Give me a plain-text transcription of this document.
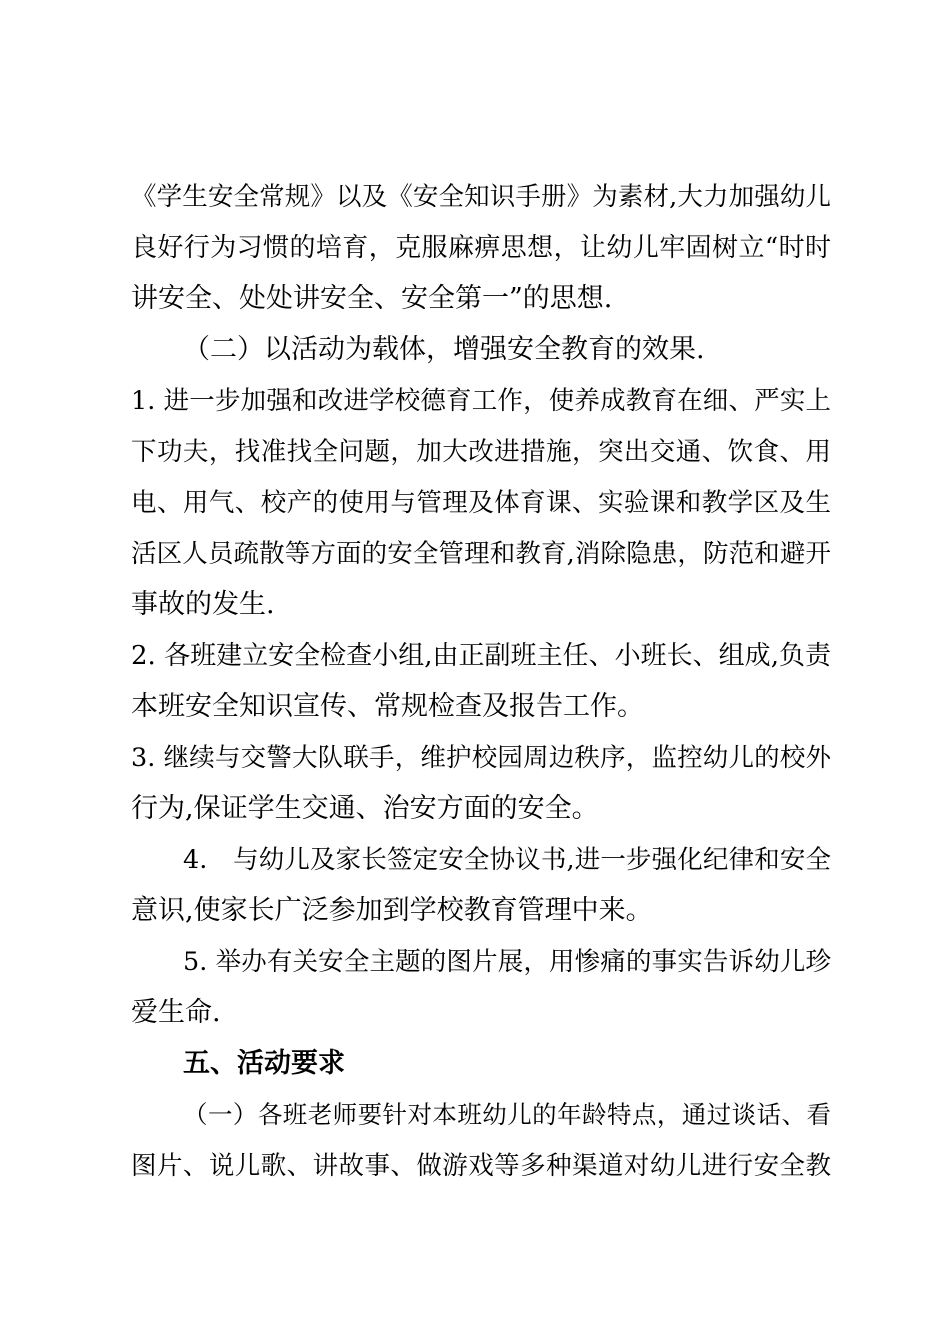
《学生安全常规》以及《安全知识手册》为素材,大力加强幼儿
良好行为习惯的培育，克服麻痹思想，让幼儿牢固树立“时时
讲安全、处处讲安全、安全第一”的思想.
（二）以活动为载体，增强安全教育的效果.
1. 进一步加强和改进学校德育工作，使养成教育在细、严实上
下功夫，找准找全问题，加大改进措施，突出交通、饮食、用
电、用气、校产的使用与管理及体育课、实验课和教学区及生
活区人员疏散等方面的安全管理和教育,消除隐患，防范和避开
事故的发生.
2. 各班建立安全检查小组,由正副班主任、小班长、组成,负责
本班安全知识宣传、常规检查及报告工作。
3. 继续与交警大队联手，维护校园周边秩序，监控幼儿的校外
行为,保证学生交通、治安方面的安全。
4.　与幼儿及家长签定安全协议书,进一步强化纪律和安全
意识,使家长广泛参加到学校教育管理中来。
5. 举办有关安全主题的图片展，用惨痛的事实告诉幼儿珍
爱生命.
五、活动要求
（一）各班老师要针对本班幼儿的年龄特点，通过谈话、看
图片、说儿歌、讲故事、做游戏等多种渠道对幼儿进行安全教
